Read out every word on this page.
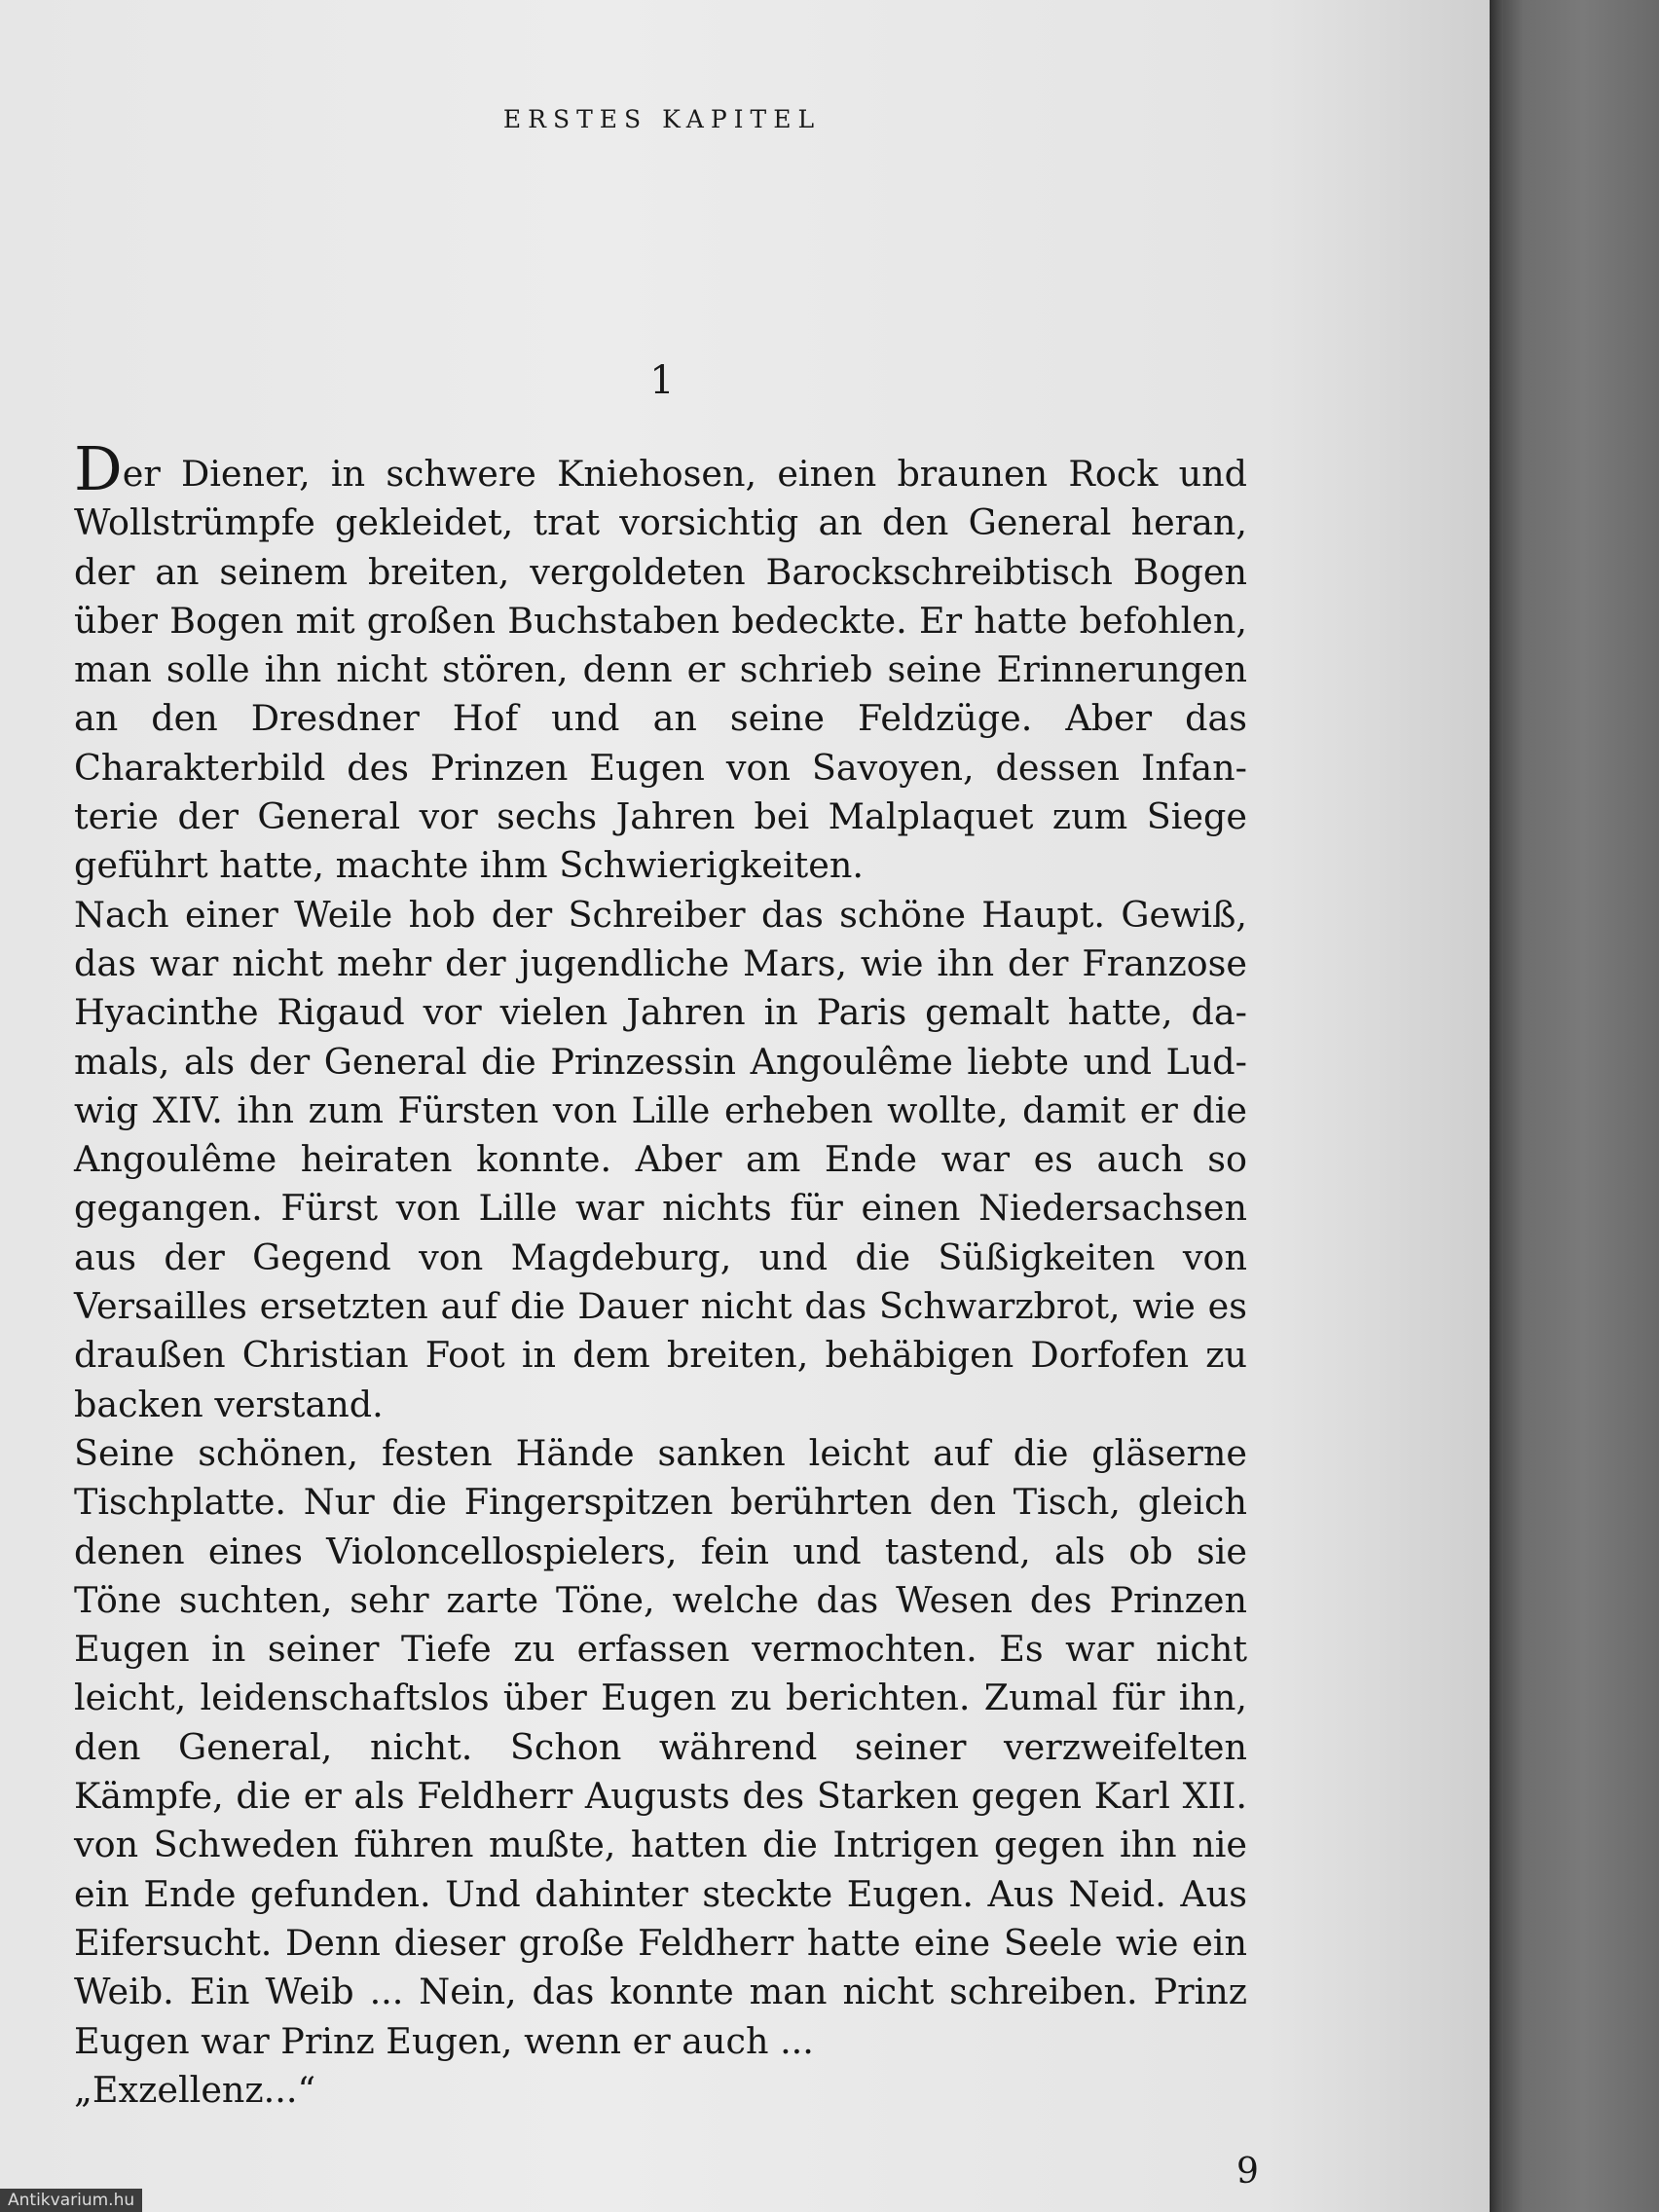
ERSTES KAPITEL
1

Der Diener, in schwere Kniehosen, einen braunen Rock und Wollstrümpfe gekleidet, trat vorsichtig an den General heran, der an seinem breiten, vergoldeten Barockschreibtisch Bogen über Bogen mit großen Buchstaben bedeckte. Er hatte befohlen, man solle ihn nicht stören, denn er schrieb seine Erinnerungen an den Dresdner Hof und an seine Feldzüge. Aber das Charakterbild des Prinzen Eugen von Savoyen, dessen Infanterie der General vor sechs Jahren bei Malplaquet zum Siege geführt hatte, machte ihm Schwierigkeiten.

Nach einer Weile hob der Schreiber das schöne Haupt. Gewiß, das war nicht mehr der jugendliche Mars, wie ihn der Franzose Hyacinthe Rigaud vor vielen Jahren in Paris gemalt hatte, damals, als der General die Prinzessin Angoulême liebte und Ludwig XIV. ihn zum Fürsten von Lille erheben wollte, damit er die Angoulême heiraten konnte. Aber am Ende war es auch so gegangen. Fürst von Lille war nichts für einen Niedersachsen aus der Gegend von Magdeburg, und die Süßigkeiten von Versailles ersetzten auf die Dauer nicht das Schwarzbrot, wie es draußen Christian Foot in dem breiten, behäbigen Dorfofen zu backen verstand.

Seine schönen, festen Hände sanken leicht auf die gläserne Tischplatte. Nur die Fingerspitzen berührten den Tisch, gleich denen eines Violoncellospielers, fein und tastend, als ob sie Töne suchten, sehr zarte Töne, welche das Wesen des Prinzen Eugen in seiner Tiefe zu erfassen vermochten. Es war nicht leicht, leidenschaftslos über Eugen zu berichten. Zumal für ihn, den General, nicht. Schon während seiner verzweifelten Kämpfe, die er als Feldherr Augusts des Starken gegen Karl XII. von Schweden führen mußte, hatten die Intrigen gegen ihn nie ein Ende gefunden. Und dahinter steckte Eugen. Aus Neid. Aus Eifersucht. Denn dieser große Feldherr hatte eine Seele wie ein Weib. Ein Weib ... Nein, das konnte man nicht schreiben. Prinz Eugen war Prinz Eugen, wenn er auch ...

„Exzellenz...“

9
Antikvarium.hu
